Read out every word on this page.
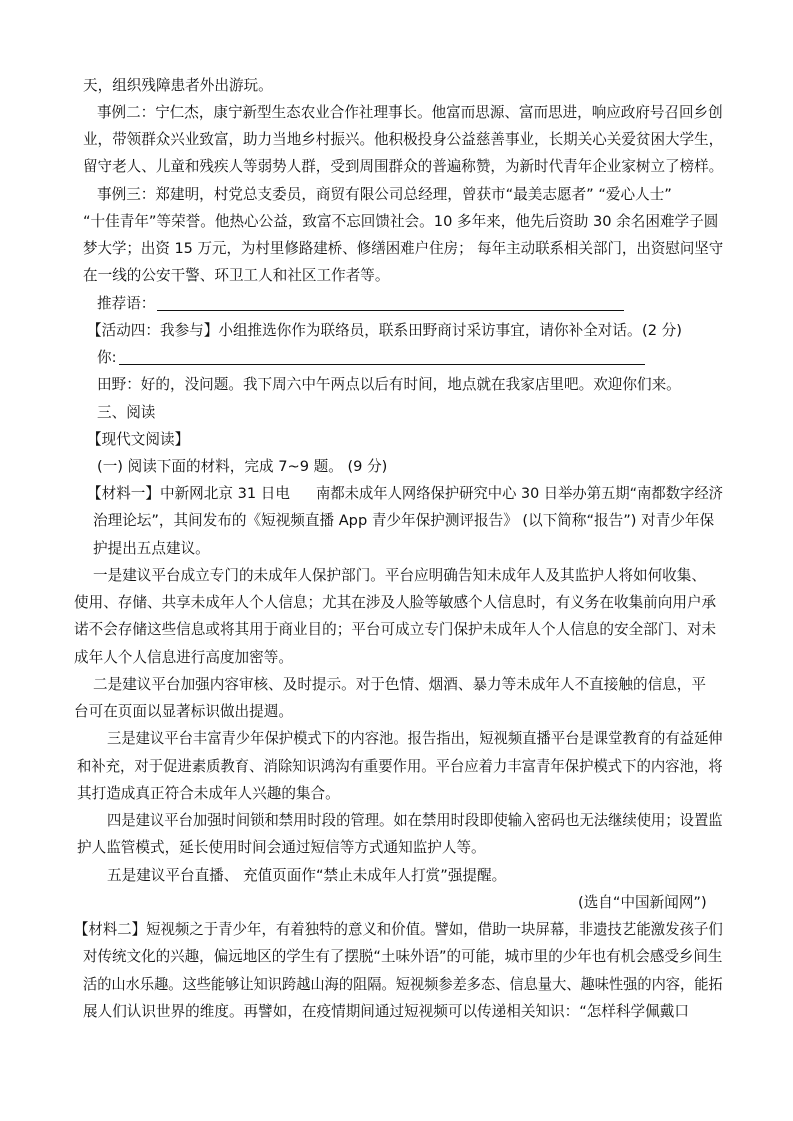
天，组织残障患者外出游玩。
事例二：宁仁杰，康宁新型生态农业合作社理事长。他富而思源、富而思进，响应政府号召回乡创
业，带领群众兴业致富，助力当地乡村振兴。他积极投身公益慈善事业，长期关心关爱贫困大学生，
留守老人、儿童和残疾人等弱势人群，受到周围群众的普遍称赞，为新时代青年企业家树立了榜样。
事例三：郑建明，村党总支委员，商贸有限公司总经理，曾获市“最美志愿者” “爱心人士”
“十佳青年”等荣誉。他热心公益，致富不忘回馈社会。10 多年来，他先后资助 30 余名困难学子圆
梦大学；出资 15 万元，为村里修路建桥、修缮困难户住房； 每年主动联系相关部门，出资慰问坚守
在一线的公安干警、环卫工人和社区工作者等。
推荐语：
【活动四：我参与】小组推选你作为联络员，联系田野商讨采访事宜，请你补全对话。 (2 分)
你:
田野：好的，没问题。我下周六中午两点以后有时间，地点就在我家店里吧。欢迎你们来。
三、阅读
【现代文阅读】
(一) 阅读下面的材料，完成 7~9 题。 (9 分)
【材料一】中新网北京 31 日电 南都未成年人网络保护研究中心 30 日举办第五期“南都数字经济
治理论坛”，其间发布的《短视频直播 App 青少年保护测评报告》 (以下简称“报告”) 对青少年保
护提出五点建议。
一是建议平台成立专门的未成年人保护部门。平台应明确告知未成年人及其监护人将如何收集、
使用、存储、共享未成年人个人信息；尤其在涉及人脸等敏感个人信息时，有义务在收集前向用户承
诺不会存储这些信息或将其用于商业目的；平台可成立专门保护未成年人个人信息的安全部门、对未
成年人个人信息进行高度加密等。
二是建议平台加强内容审核、及时提示。对于色情、烟酒、暴力等未成年人不直接触的信息，平
台可在页面以显著标识做出提週。
三是建议平台丰富青少年保护模式下的内容池。报告指出，短视频直播平台是课堂教育的有益延伸
和补充，对于促进素质教育、消除知识鸿沟有重要作用。平台应着力丰富青年保护模式下的内容池，将
其打造成真正符合未成年人兴趣的集合。
四是建议平台加强时间锁和禁用时段的管理。如在禁用时段即使输入密码也无法继续使用；设置监
护人监管模式，延长使用时间会通过短信等方式通知监护人等。
五是建议平台直播、 充值页面作“禁止未成年人打赏”强提醒。
(选自“中国新闻网”)
【材料二】短视频之于青少年，有着独特的意义和价值。譬如，借助一块屏幕，非遗技艺能激发孩子们
对传统文化的兴趣，偏远地区的学生有了摆脱“土味外语”的可能，城市里的少年也有机会感受乡间生
活的山水乐趣。这些能够让知识跨越山海的阻隔。短视频参差多态、信息量大、趣味性强的内容，能拓
展人们认识世界的维度。再譬如，在疫情期间通过短视频可以传递相关知识：“怎样科学佩戴口
